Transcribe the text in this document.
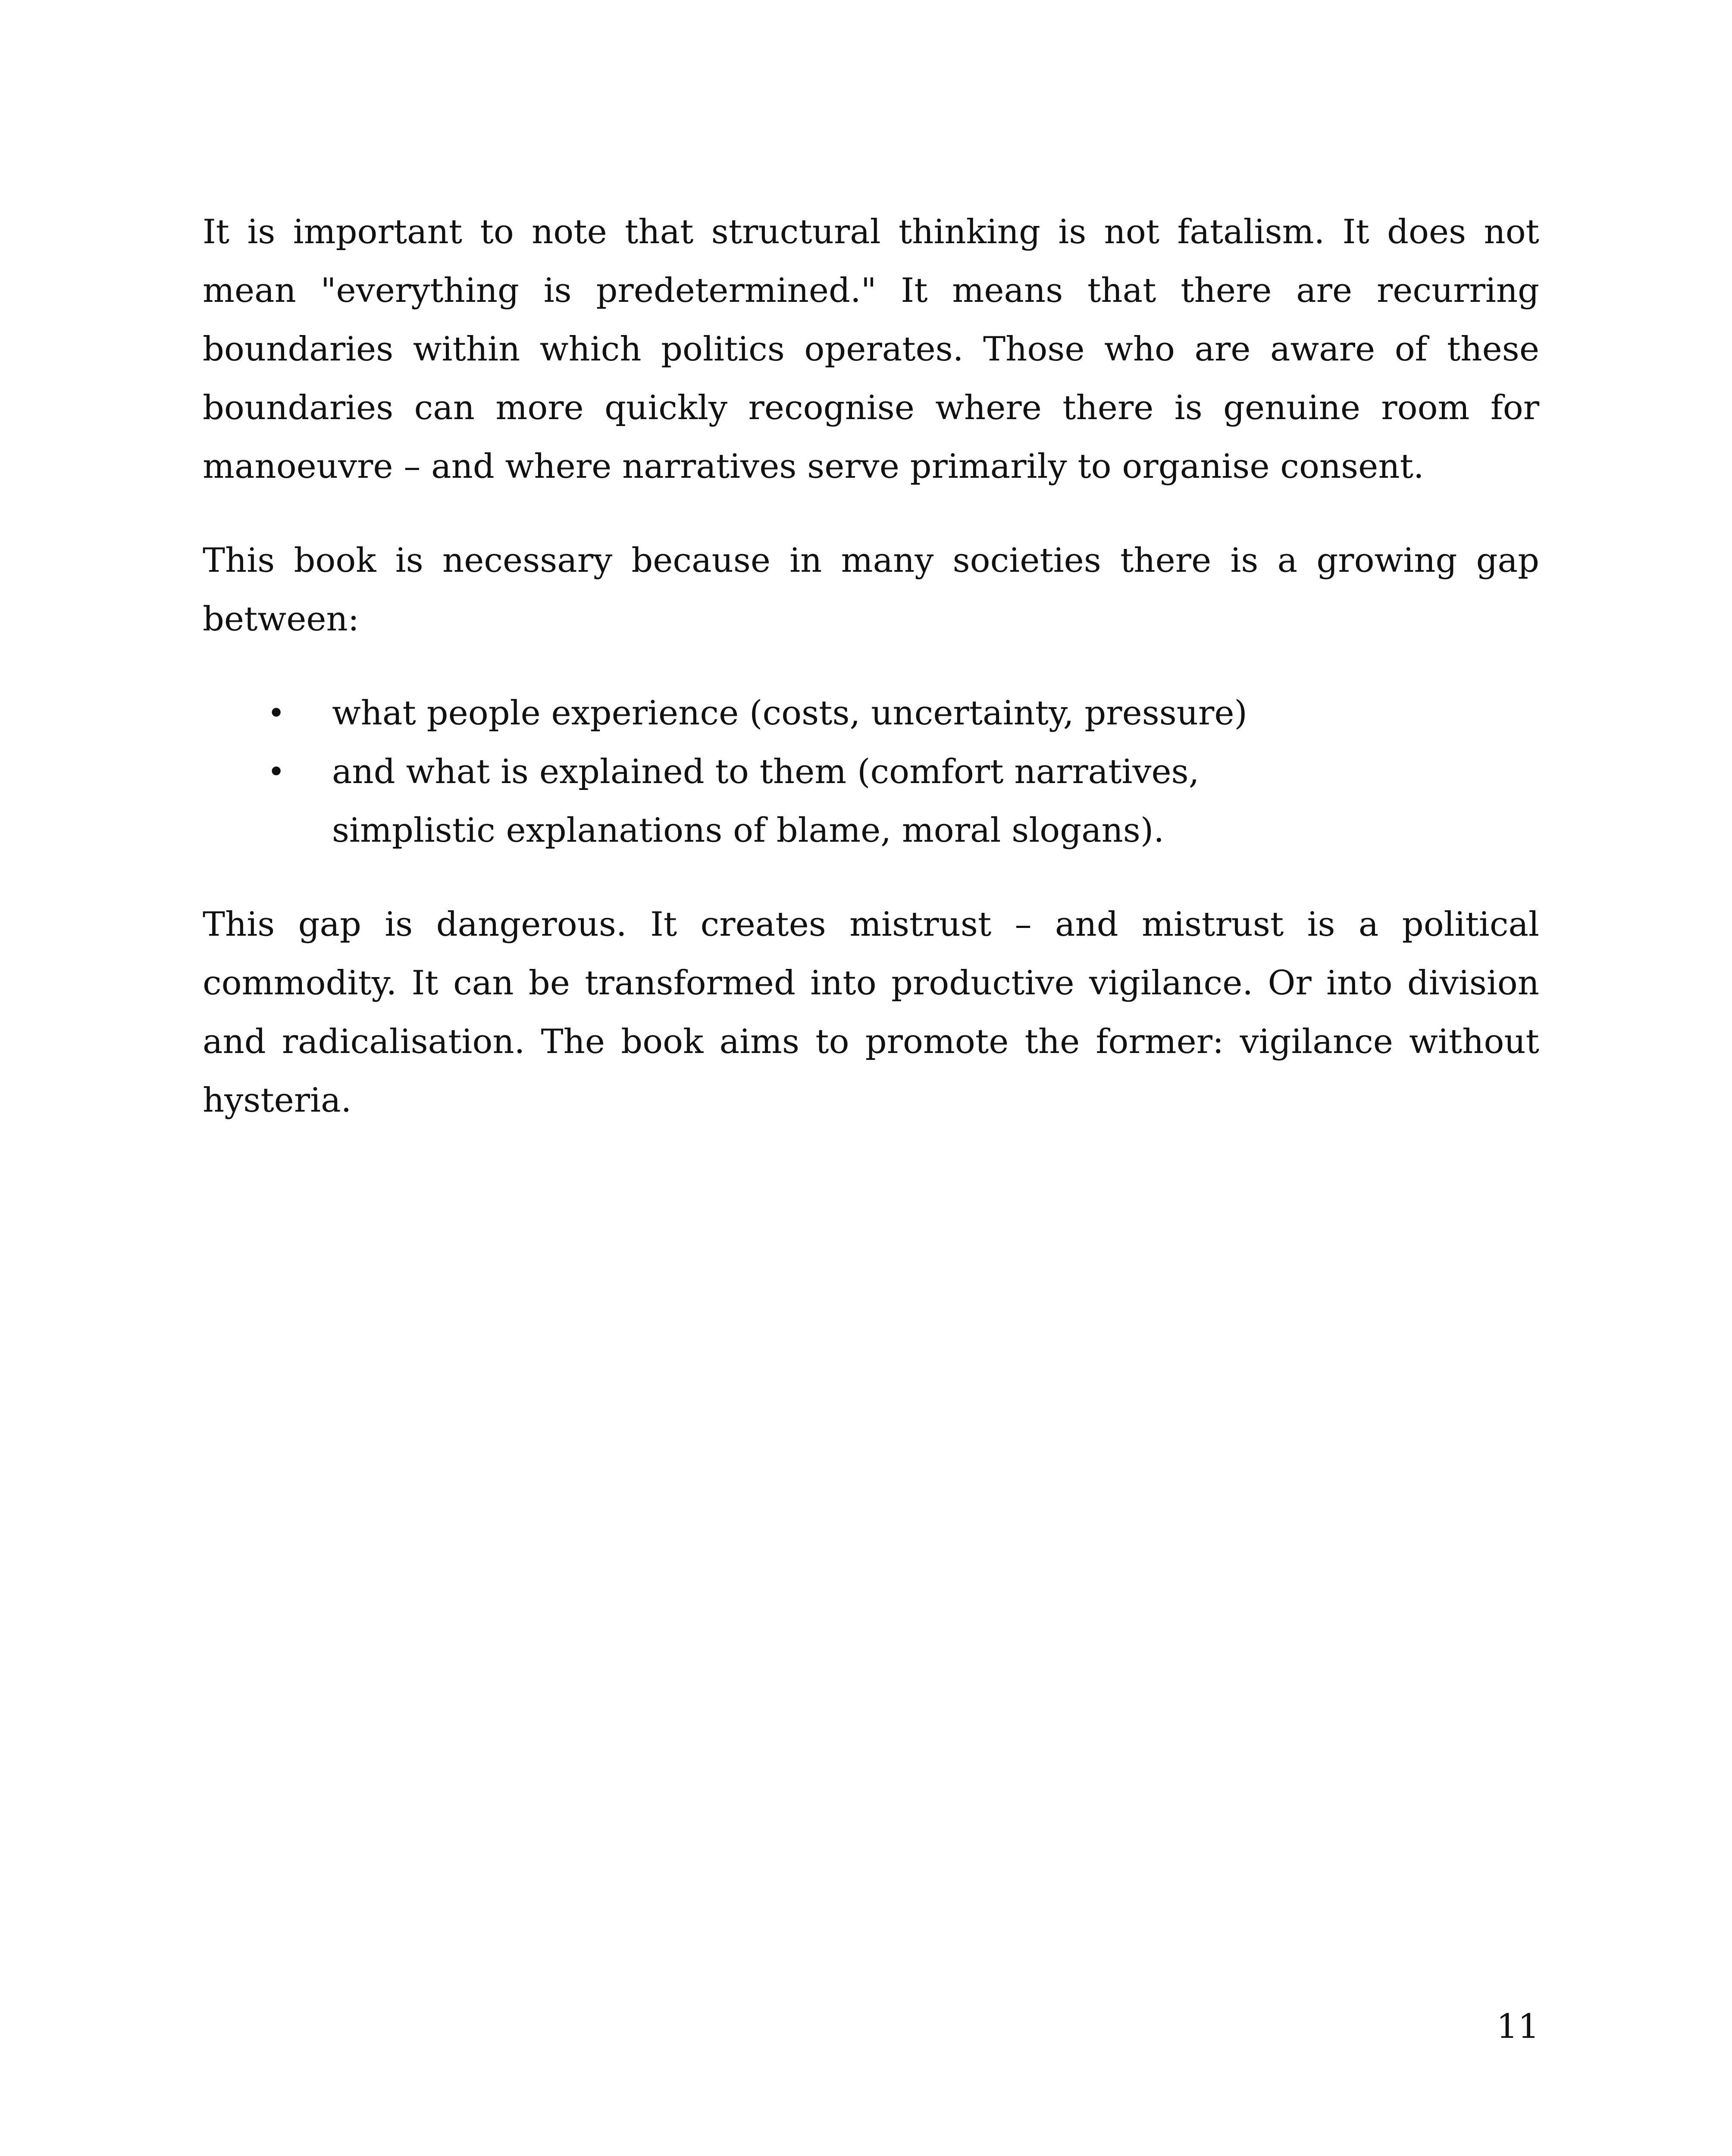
It is important to note that structural thinking is not fatalism. It does not mean "everything is predetermined." It means that there are recurring boundaries within which politics operates. Those who are aware of these boundaries can more quickly recognise where there is genuine room for manoeuvre – and where narratives serve primarily to organise consent.

This book is necessary because in many societies there is a growing gap between:

• what people experience (costs, uncertainty, pressure)
• and what is explained to them (comfort narratives, simplistic explanations of blame, moral slogans).

This gap is dangerous. It creates mistrust – and mistrust is a political commodity. It can be transformed into productive vigilance. Or into division and radicalisation. The book aims to promote the former: vigilance without hysteria.

11
